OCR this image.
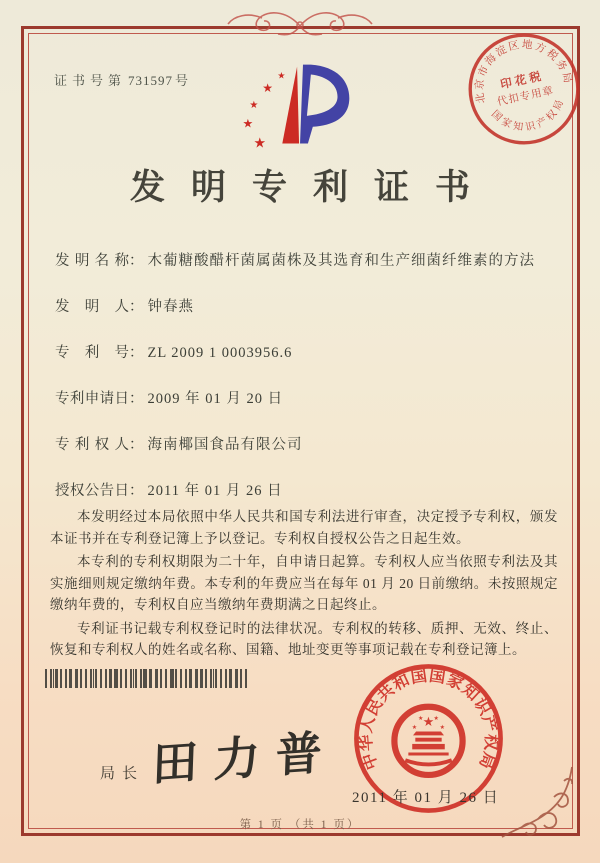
证书号第 731597 号
★
★
★
★
★
北京市海淀区地方税务局
国家知识产权局
印花税
代扣专用章
发明专利证书
发明名称： 木葡糖酸醋杆菌属菌株及其选育和生产细菌纤维素的方法
发明人： 钟春燕
专利号： ZL 2009 1 0003956.6
专利申请日： 2009 年 01 月 20 日
专利权人： 海南椰国食品有限公司
授权公告日： 2011 年 01 月 26 日

本发明经过本局依照中华人民共和国专利法进行审查，决定授予专利权，颁发本证书并在专利登记簿上予以登记。专利权自授权公告之日起生效。

本专利的专利权期限为二十年，自申请日起算。专利权人应当依照专利法及其实施细则规定缴纳年费。本专利的年费应当在每年 01 月 20 日前缴纳。未按照规定缴纳年费的，专利权自应当缴纳年费期满之日起终止。

专利证书记载专利权登记时的法律状况。专利权的转移、质押、无效、终止、恢复和专利权人的姓名或名称、国籍、地址变更等事项记载在专利登记簿上。

局长 田力普 中华人民共和国国家知识产权局
★
★
★ ★
★
2011 年 01 月 26 日
第 1 页 （共 1 页）
